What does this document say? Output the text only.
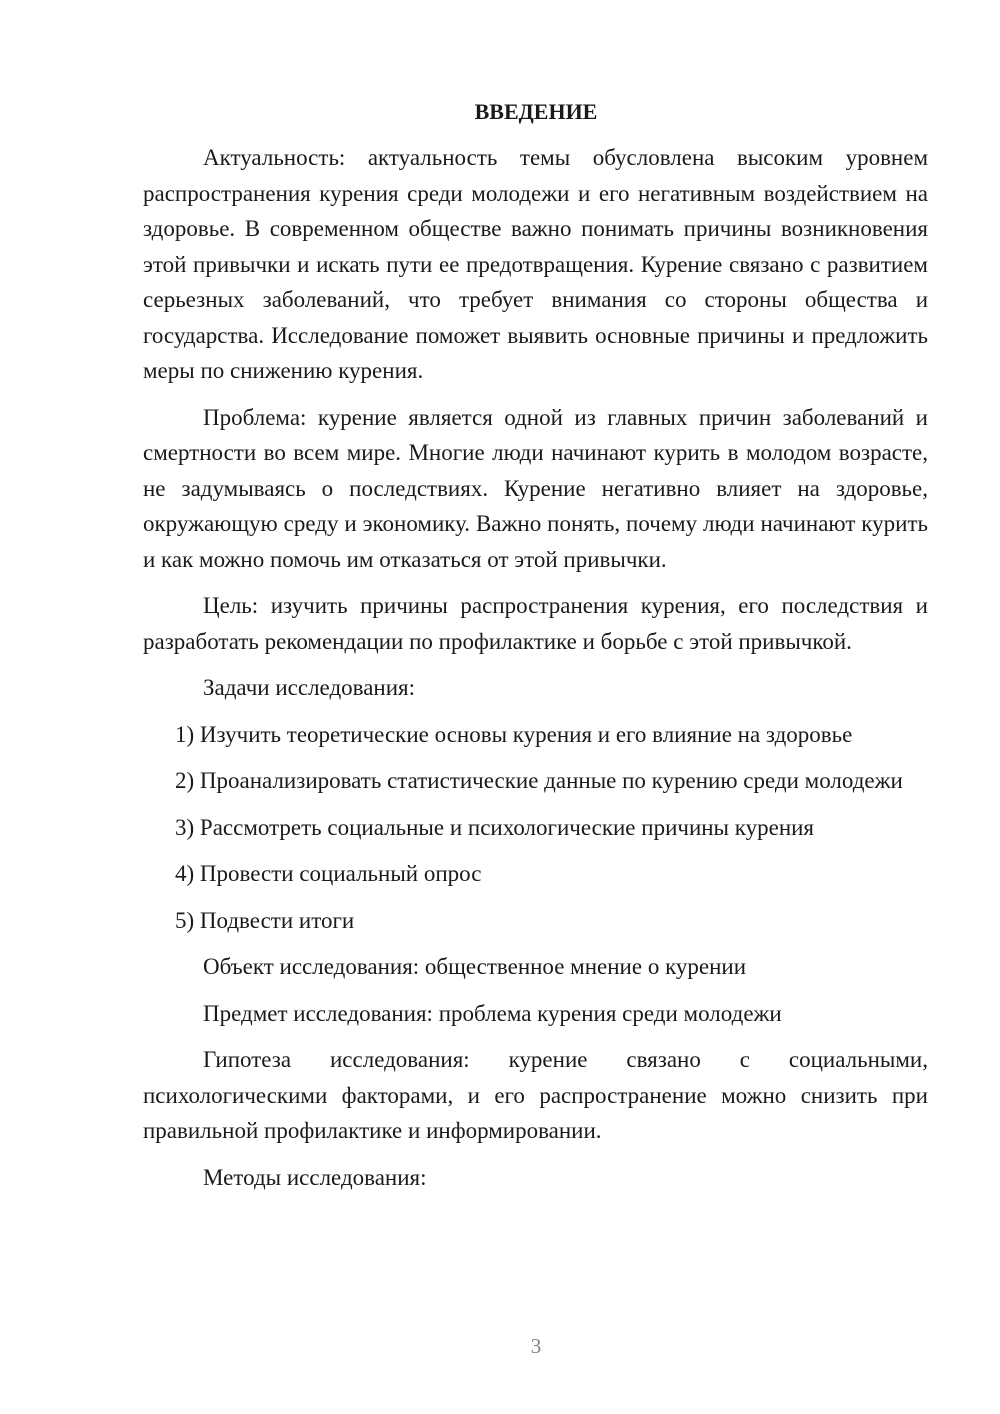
ВВЕДЕНИЕ

Актуальность: актуальность темы обусловлена высоким уровнем распространения курения среди молодежи и его негативным воздействием на здоровье. В современном обществе важно понимать причины возникновения этой привычки и искать пути ее предотвращения. Курение связано с развитием серьезных заболеваний, что требует внимания со стороны общества и государства. Исследование поможет выявить основные причины и предложить меры по снижению курения.

Проблема: курение является одной из главных причин заболеваний и смертности во всем мире. Многие люди начинают курить в молодом возрасте, не задумываясь о последствиях. Курение негативно влияет на здоровье, окружающую среду и экономику. Важно понять, почему люди начинают курить и как можно помочь им отказаться от этой привычки.

Цель: изучить причины распространения курения, его последствия и разработать рекомендации по профилактике и борьбе с этой привычкой.

Задачи исследования:

1) Изучить теоретические основы курения и его влияние на здоровье

2) Проанализировать статистические данные по курению среди молодежи

3) Рассмотреть социальные и психологические причины курения

4) Провести социальный опрос

5) Подвести итоги

Объект исследования: общественное мнение о курении

Предмет исследования: проблема курения среди молодежи

Гипотеза исследования: курение связано с социальными, психологическими факторами, и его распространение можно снизить при правильной профилактике и информировании.

Методы исследования:

3
